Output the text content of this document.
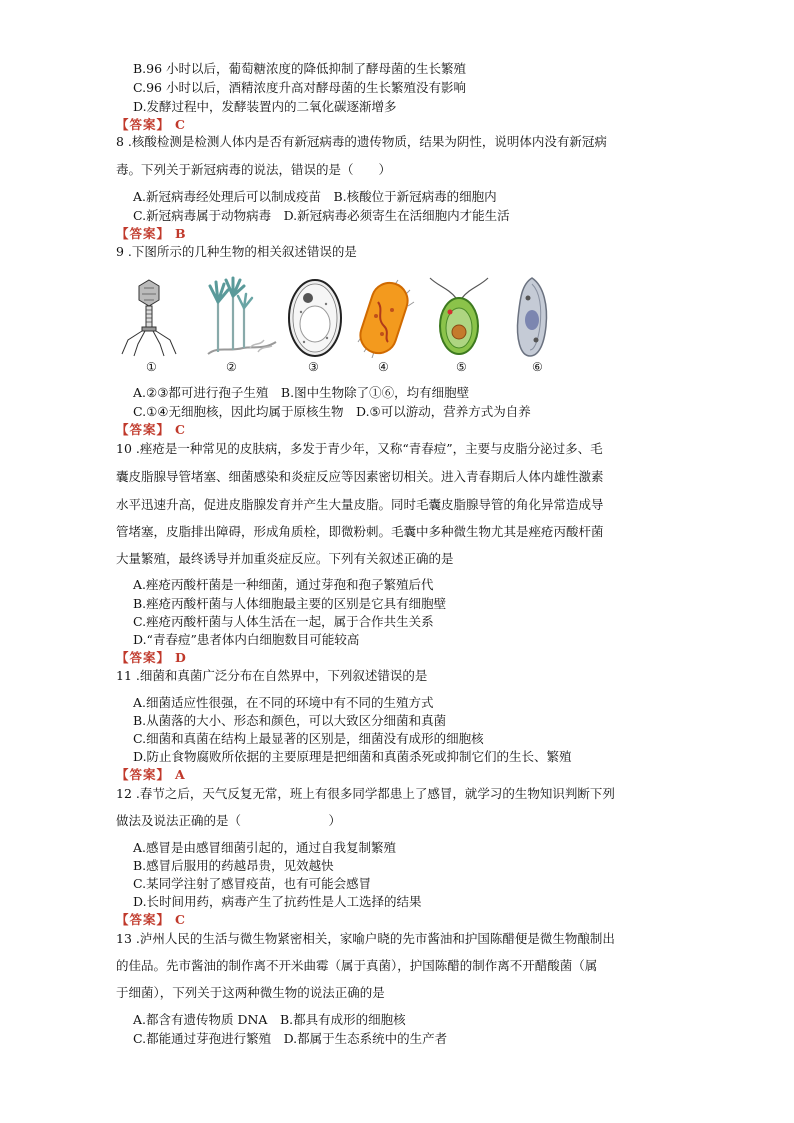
B.96 小时以后，葡萄糖浓度的降低抑制了酵母菌的生长繁殖
C.96 小时以后，酒精浓度升高对酵母菌的生长繁殖没有影响
D.发酵过程中，发酵装置内的二氧化碳逐渐增多
【答案】 C
8 .核酸检测是检测人体内是否有新冠病毒的遗传物质，结果为阴性，说明体内没有新冠病
毒。下列关于新冠病毒的说法，错误的是（　　）
A.新冠病毒经处理后可以制成疫苗　B.核酸位于新冠病毒的细胞内
C.新冠病毒属于动物病毒　D.新冠病毒必须寄生在活细胞内才能生活
【答案】 B
9 .下图所示的几种生物的相关叙述错误的是
①	②	③	④	⑤	⑥
A.②③都可进行孢子生殖　B.图中生物除了①⑥，均有细胞壁
C.①④无细胞核，因此均属于原核生物　D.⑤可以游动，营养方式为自养
【答案】 C
10 .痤疮是一种常见的皮肤病，多发于青少年，又称“青春痘”，主要与皮脂分泌过多、毛
囊皮脂腺导管堵塞、细菌感染和炎症反应等因素密切相关。进入青春期后人体内雄性激素
水平迅速升高，促进皮脂腺发育并产生大量皮脂。同时毛囊皮脂腺导管的角化异常造成导
管堵塞，皮脂排出障碍，形成角质栓，即微粉刺。毛囊中多种微生物尤其是痤疮丙酸杆菌
大量繁殖，最终诱导并加重炎症反应。下列有关叙述正确的是
A.痤疮丙酸杆菌是一种细菌，通过芽孢和孢子繁殖后代
B.痤疮丙酸杆菌与人体细胞最主要的区别是它具有细胞壁
C.痤疮丙酸杆菌与人体生活在一起，属于合作共生关系
D.“青春痘”患者体内白细胞数目可能较高
【答案】 D
11 .细菌和真菌广泛分布在自然界中，下列叙述错误的是
A.细菌适应性很强，在不同的环境中有不同的生殖方式
B.从菌落的大小、形态和颜色，可以大致区分细菌和真菌
C.细菌和真菌在结构上最显著的区别是，细菌没有成形的细胞核
D.防止食物腐败所依据的主要原理是把细菌和真菌杀死或抑制它们的生长、繁殖
【答案】 A
12 .春节之后，天气反复无常，班上有很多同学都患上了感冒，就学习的生物知识判断下列
做法及说法正确的是（　　　　　　　）
A.感冒是由感冒细菌引起的，通过自我复制繁殖
B.感冒后服用的药越昂贵，见效越快
C.某同学注射了感冒疫苗，也有可能会感冒
D.长时间用药，病毒产生了抗药性是人工选择的结果
【答案】 C
13 .泸州人民的生活与微生物紧密相关，家喻户晓的先市酱油和护国陈醋便是微生物酿制出
的佳品。先市酱油的制作离不开米曲霉（属于真菌），护国陈醋的制作离不开醋酸菌（属
于细菌），下列关于这两种微生物的说法正确的是
A.都含有遗传物质 DNA　B.都具有成形的细胞核
C.都能通过芽孢进行繁殖　D.都属于生态系统中的生产者
